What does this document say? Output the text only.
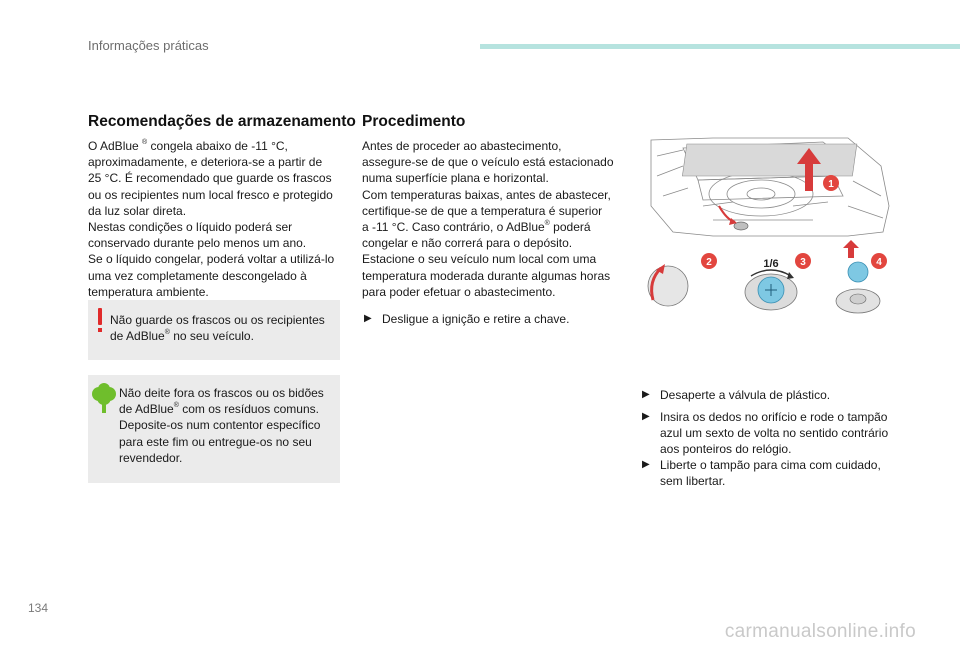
Informações práticas
Recomendações de armazenamento
O AdBlue ® congela abaixo de -11 °C,
aproximadamente, e deteriora-se a partir de
25 °C. É recomendado que guarde os frascos
ou os recipientes num local fresco e protegido
da luz solar direta.
Nestas condições o líquido poderá ser
conservado durante pelo menos um ano.
Se o líquido congelar, poderá voltar a utilizá-lo
uma vez completamente descongelado à
temperatura ambiente.
Não guarde os frascos ou os recipientes
de AdBlue® no seu veículo.
Não deite fora os frascos ou os bidões
de AdBlue® com os resíduos comuns.
Deposite-os num contentor específico
para este fim ou entregue-os no seu
revendedor.
Procedimento
Antes de proceder ao abastecimento,
assegure-se de que o veículo está estacionado
numa superfície plana e horizontal.
Com temperaturas baixas, antes de abastecer,
certifique-se de que a temperatura é superior
a -11 °C. Caso contrário, o AdBlue® poderá
congelar e não correrá para o depósito.
Estacione o seu veículo num local com uma
temperatura moderada durante algumas horas
para poder efetuar o abastecimento.
▶ Desligue a ignição e retire a chave.
1
2	1/6 3	4
▶ Desaperte a válvula de plástico.
▶ Insira os dedos no orifício e rode o tampão
azul um sexto de volta no sentido contrário
aos ponteiros do relógio.
▶ Liberte o tampão para cima com cuidado,
sem libertar.
134
carmanualsonline.info
